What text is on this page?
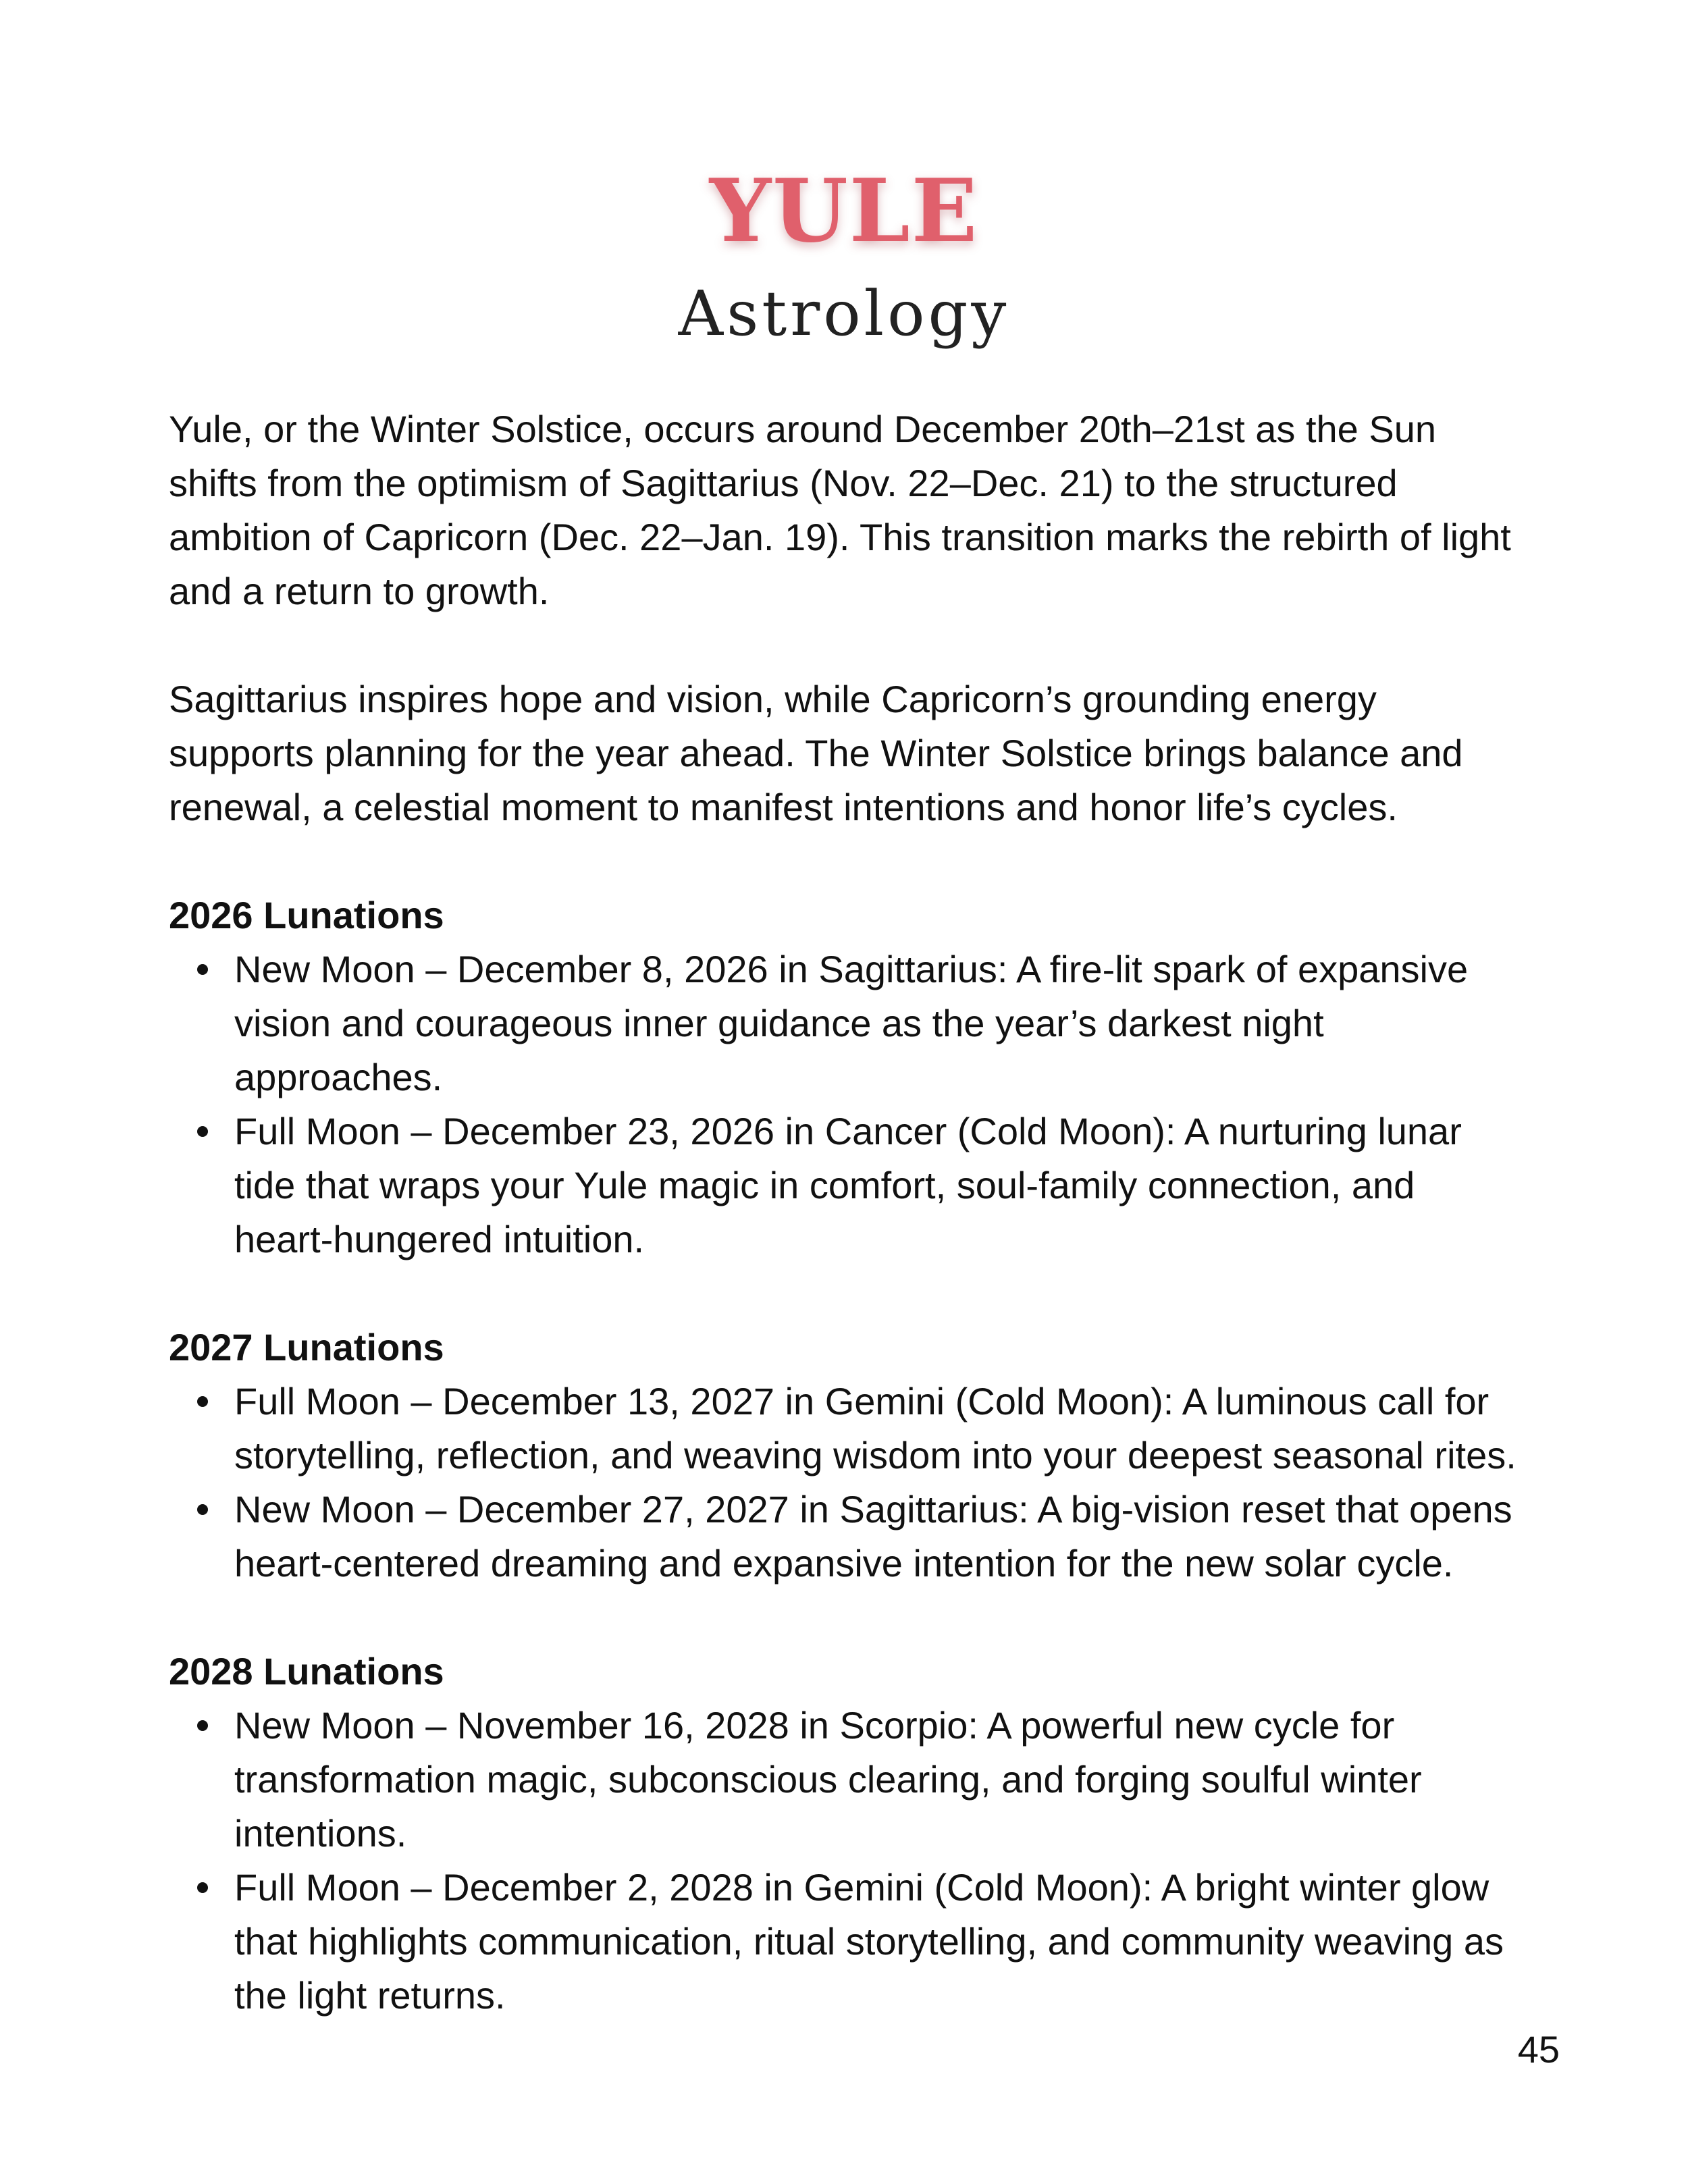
YULE
Astrology

Yule, or the Winter Solstice, occurs around December 20th–21st as the Sun shifts from the optimism of Sagittarius (Nov. 22–Dec. 21) to the structured ambition of Capricorn (Dec. 22–Jan. 19). This transition marks the rebirth of light and a return to growth.

Sagittarius inspires hope and vision, while Capricorn’s grounding energy supports planning for the year ahead. The Winter Solstice brings balance and renewal, a celestial moment to manifest intentions and honor life’s cycles.

2026 Lunations

New Moon – December 8, 2026 in Sagittarius: A fire-lit spark of expansive vision and courageous inner guidance as the year’s darkest night approaches.
Full Moon – December 23, 2026 in Cancer (Cold Moon): A nurturing lunar tide that wraps your Yule magic in comfort, soul-family connection, and heart-hungered intuition.

2027 Lunations

Full Moon – December 13, 2027 in Gemini (Cold Moon): A luminous call for storytelling, reflection, and weaving wisdom into your deepest seasonal rites.
New Moon – December 27, 2027 in Sagittarius: A big-vision reset that opens heart-centered dreaming and expansive intention for the new solar cycle.

2028 Lunations

New Moon – November 16, 2028 in Scorpio: A powerful new cycle for transformation magic, subconscious clearing, and forging soulful winter intentions.
Full Moon – December 2, 2028 in Gemini (Cold Moon): A bright winter glow that highlights communication, ritual storytelling, and community weaving as the light returns.
45
